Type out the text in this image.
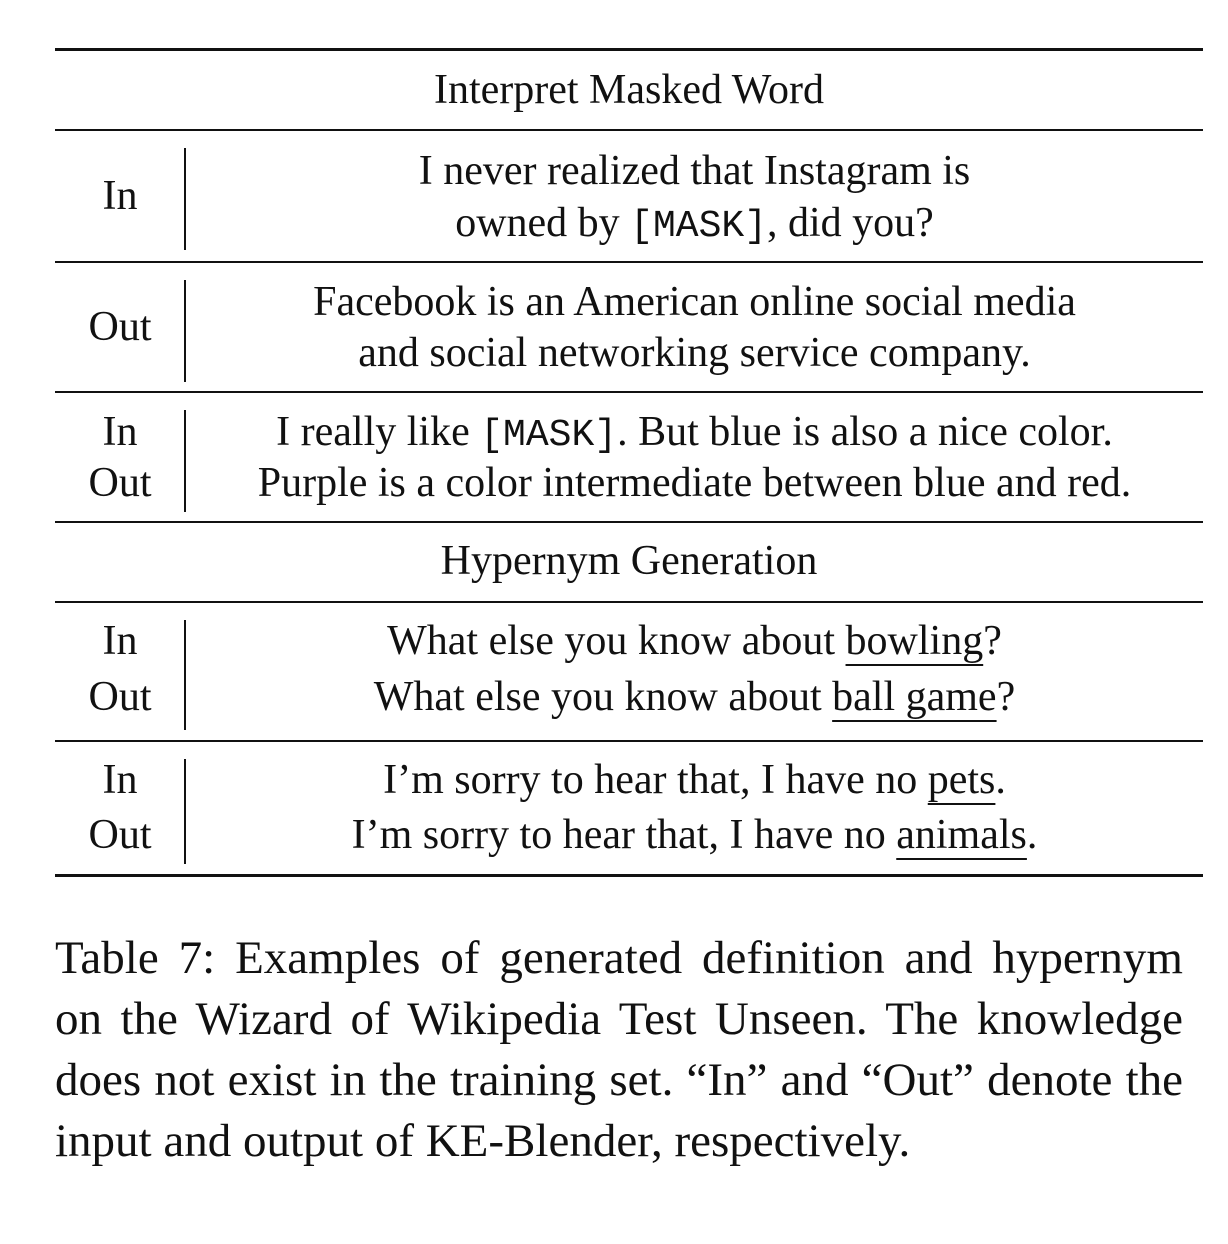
Interpret Masked Word
In
I never realized that Instagram is
owned by [MASK], did you?
Out
Facebook is an American online social media
and social networking service company.
In
Out
I really like [MASK]. But blue is also a nice color.
Purple is a color intermediate between blue and red.
Hypernym Generation
In
Out
What else you know about bowling?
What else you know about ball game?
In
Out
I’m sorry to hear that, I have no pets.
I’m sorry to hear that, I have no animals.
Table 7: Examples of generated definition and hypernym on the Wizard of Wikipedia Test Unseen. The knowledge does not exist in the training set. “In” and “Out” denote the input and output of KE-Blender, respectively.
